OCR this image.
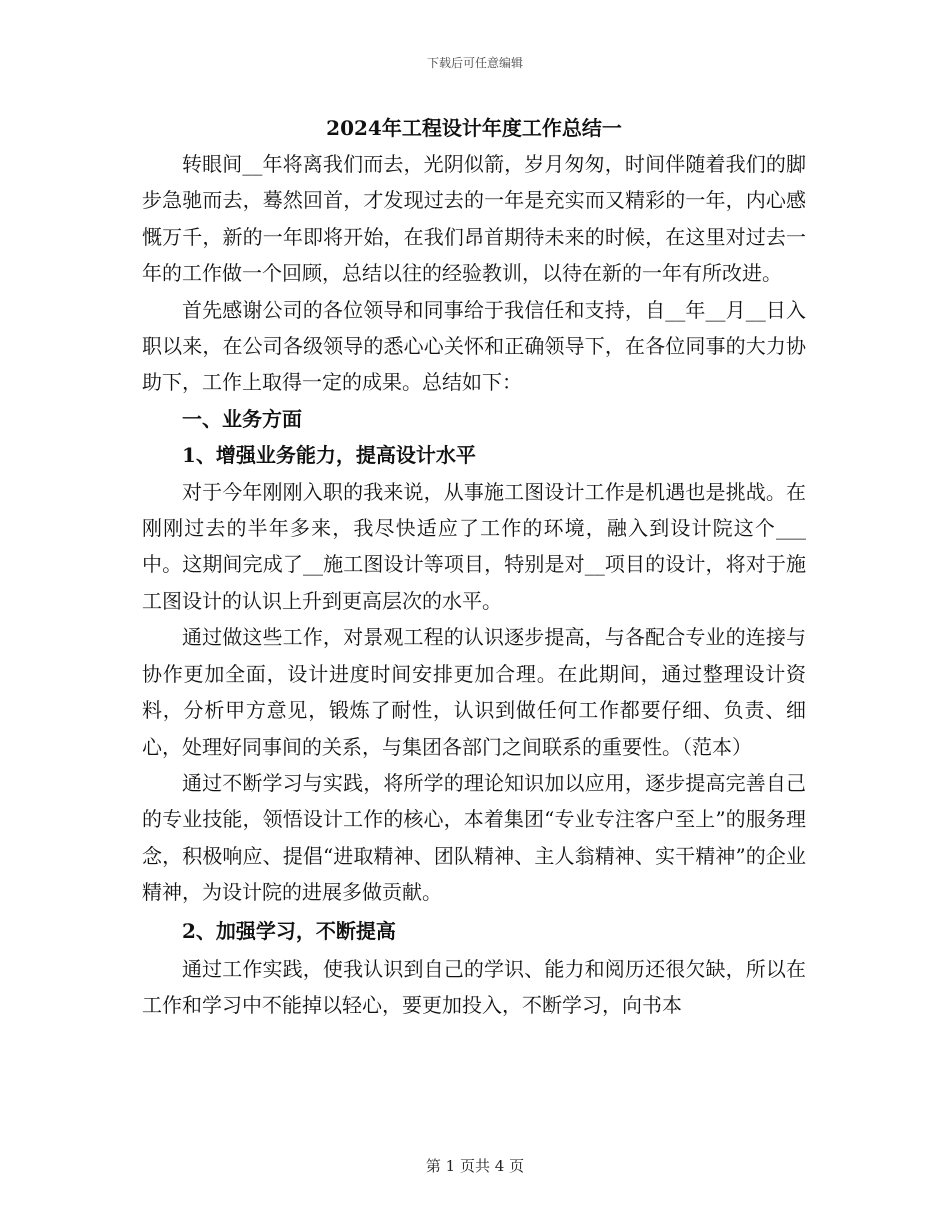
下载后可任意编辑
2024年工程设计年度工作总结一

转眼间__年将离我们而去，光阴似箭，岁月匆匆，时间伴随着我们的脚步急驰而去，蓦然回首，才发现过去的一年是充实而又精彩的一年，内心感慨万千，新的一年即将开始，在我们昂首期待未来的时候，在这里对过去一年的工作做一个回顾，总结以往的经验教训，以待在新的一年有所改进。

首先感谢公司的各位领导和同事给于我信任和支持，自__年__月__日入职以来，在公司各级领导的悉心心关怀和正确领导下，在各位同事的大力协助下，工作上取得一定的成果。总结如下：

一、业务方面

1、增强业务能力，提高设计水平

对于今年刚刚入职的我来说，从事施工图设计工作是机遇也是挑战。在刚刚过去的半年多来，我尽快适应了工作的环境，融入到设计院这个___中。这期间完成了__施工图设计等项目，特别是对__项目的设计，将对于施工图设计的认识上升到更高层次的水平。

通过做这些工作，对景观工程的认识逐步提高，与各配合专业的连接与协作更加全面，设计进度时间安排更加合理。在此期间，通过整理设计资料，分析甲方意见，锻炼了耐性，认识到做任何工作都要仔细、负责、细心，处理好同事间的关系，与集团各部门之间联系的重要性。（范本）

通过不断学习与实践，将所学的理论知识加以应用，逐步提高完善自己的专业技能，领悟设计工作的核心，本着集团“专业专注客户至上”的服务理念，积极响应、提倡“进取精神、团队精神、主人翁精神、实干精神”的企业精神，为设计院的进展多做贡献。

2、加强学习，不断提高

通过工作实践，使我认识到自己的学识、能力和阅历还很欠缺，所以在工作和学习中不能掉以轻心，要更加投入，不断学习，向书本

第 1 页共 4 页
